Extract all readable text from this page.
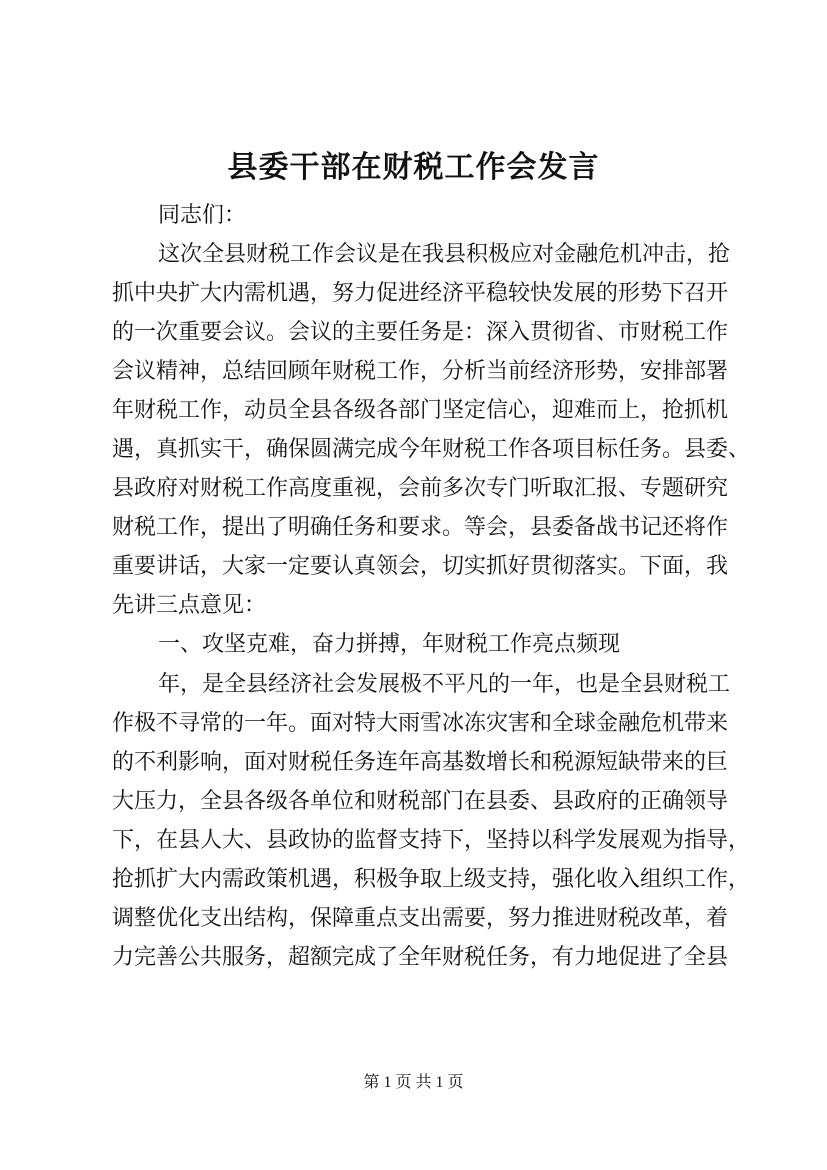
县委干部在财税工作会发言
同志们：
这次全县财税工作会议是在我县积极应对金融危机冲击，抢
抓中央扩大内需机遇，努力促进经济平稳较快发展的形势下召开
的一次重要会议。会议的主要任务是：深入贯彻省、市财税工作
会议精神，总结回顾年财税工作，分析当前经济形势，安排部署
年财税工作，动员全县各级各部门坚定信心，迎难而上，抢抓机
遇，真抓实干，确保圆满完成今年财税工作各项目标任务。县委、
县政府对财税工作高度重视，会前多次专门听取汇报、专题研究
财税工作，提出了明确任务和要求。等会，县委备战书记还将作
重要讲话，大家一定要认真领会，切实抓好贯彻落实。下面，我
先讲三点意见：
一、攻坚克难，奋力拼搏，年财税工作亮点频现
年，是全县经济社会发展极不平凡的一年，也是全县财税工
作极不寻常的一年。面对特大雨雪冰冻灾害和全球金融危机带来
的不利影响，面对财税任务连年高基数增长和税源短缺带来的巨
大压力，全县各级各单位和财税部门在县委、县政府的正确领导
下，在县人大、县政协的监督支持下，坚持以科学发展观为指导，
抢抓扩大内需政策机遇，积极争取上级支持，强化收入组织工作，
调整优化支出结构，保障重点支出需要，努力推进财税改革，着
力完善公共服务，超额完成了全年财税任务，有力地促进了全县
第 1 页 共 1 页
